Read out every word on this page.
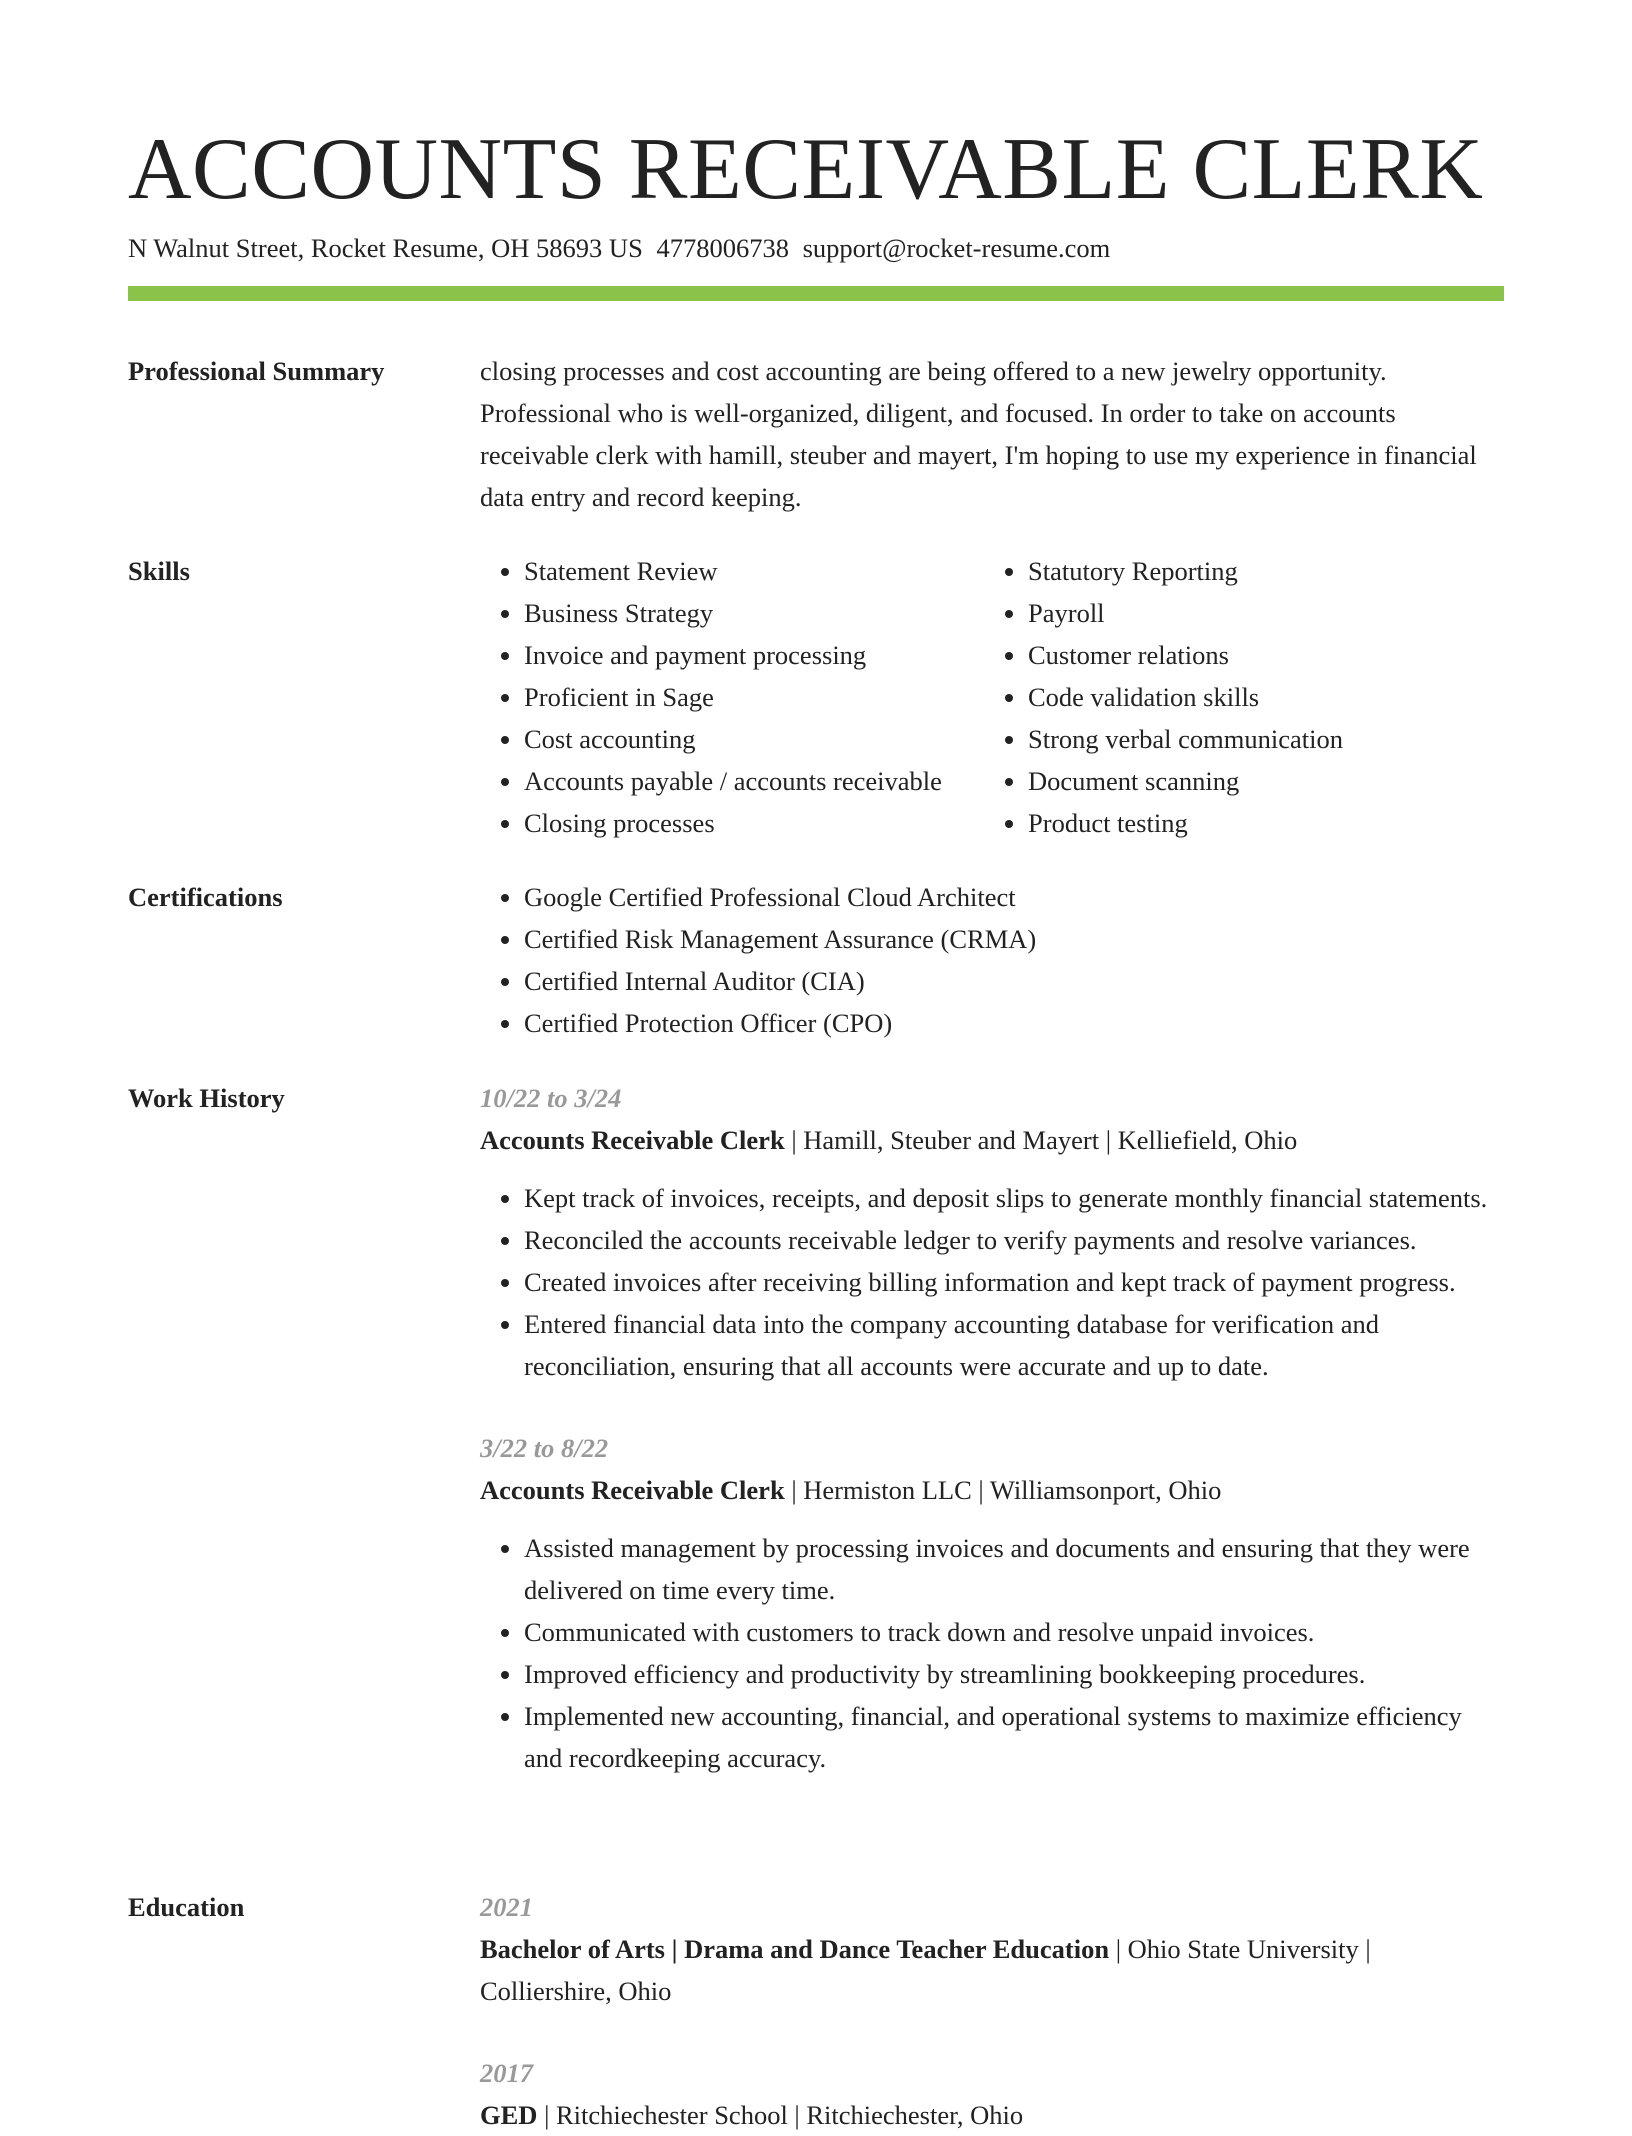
ACCOUNTS RECEIVABLE CLERK
N Walnut Street, Rocket Resume, OH 58693 US 4778006738 support@rocket-resume.com
Professional Summary	closing processes and cost accounting are being offered to a new jewelry opportunity. Professional who is well-organized, diligent, and focused. In order to take on accounts receivable clerk with hamill, steuber and mayert, I'm hoping to use my experience in financial data entry and record keeping.

Skills	• Statement Review
• Business Strategy
• Invoice and payment processing
• Proficient in Sage
• Cost accounting
• Accounts payable / accounts receivable
• Closing processes
• Statutory Reporting
• Payroll
• Customer relations
• Code validation skills
• Strong verbal communication
• Document scanning
• Product testing
Certifications	• Google Certified Professional Cloud Architect
• Certified Risk Management Assurance (CRMA)
• Certified Internal Auditor (CIA)
• Certified Protection Officer (CPO)
Work History	10/22 to 3/24
Accounts Receivable Clerk | Hamill, Steuber and Mayert | Kelliefield, Ohio
• Kept track of invoices, receipts, and deposit slips to generate monthly financial statements.
• Reconciled the accounts receivable ledger to verify payments and resolve variances.
• Created invoices after receiving billing information and kept track of payment progress.
• Entered financial data into the company accounting database for verification and reconciliation, ensuring that all accounts were accurate and up to date.
3/22 to 8/22
Accounts Receivable Clerk | Hermiston LLC | Williamsonport, Ohio
• Assisted management by processing invoices and documents and ensuring that they were delivered on time every time.
• Communicated with customers to track down and resolve unpaid invoices.
• Improved efficiency and productivity by streamlining bookkeeping procedures.
• Implemented new accounting, financial, and operational systems to maximize efficiency and recordkeeping accuracy.
Education	2021
Bachelor of Arts | Drama and Dance Teacher Education | Ohio State University | Colliershire, Ohio
2017
GED | Ritchiechester School | Ritchiechester, Ohio
